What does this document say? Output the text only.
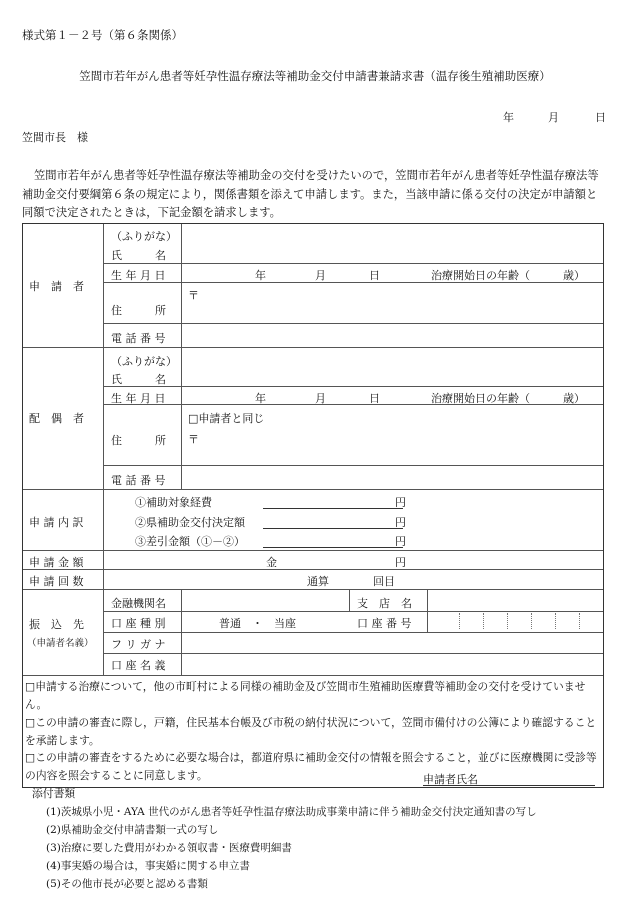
様式第１－２号（第６条関係）
笠間市若年がん患者等妊孕性温存療法等補助金交付申請書兼請求書（温存後生殖補助医療）
年	月	日
笠間市長　様
笠間市若年がん患者等妊孕性温存療法等補助金の交付を受けたいので，笠間市若年がん患者等妊孕性温存療法等補助金交付要綱第６条の規定により，関係書類を添えて申請します。また，当該申請に係る交付の決定が申請額と同額で決定されたときは，下記金額を請求します。
申　請　者
（ふりがな）
氏　　　名
生 年 月 日	年	月	日	治療開始日の年齢（　　　歳）
住　　　所
〒
電 話 番 号
配　偶　者
（ふりがな）
氏　　　名
生 年 月 日	年	月	日	治療開始日の年齢（　　　歳）
□申請者と同じ
住　　　所 〒
電 話 番 号
申 請 内 訳
①補助対象経費	円
②県補助金交付決定額	円
③差引金額（①－②）	円
申 請 金 額	金	円
申 請 回 数	通算	回目
振　込　先
（申請者名義）
金融機関名	支　店　名
口 座 種 別	普通　・　当座	口 座 番 号
フ リ ガ ナ
口 座 名 義
□申請する治療について，他の市町村による同様の補助金及び笠間市生殖補助医療費等補助金の交付を受けていません。
□この申請の審査に際し，戸籍，住民基本台帳及び市税の納付状況について，笠間市備付けの公簿により確認することを承諾します。
□この申請の審査をするために必要な場合は，都道府県に補助金交付の情報を照会すること，並びに医療機関に受診等の内容を照会することに同意します。	申請者氏名
添付書類
(1)茨城県小児・AYA 世代のがん患者等妊孕性温存療法助成事業申請に伴う補助金交付決定通知書の写し
(2)県補助金交付申請書類一式の写し
(3)治療に要した費用がわかる領収書・医療費明細書
(4)事実婚の場合は，事実婚に関する申立書
(5)その他市長が必要と認める書類
